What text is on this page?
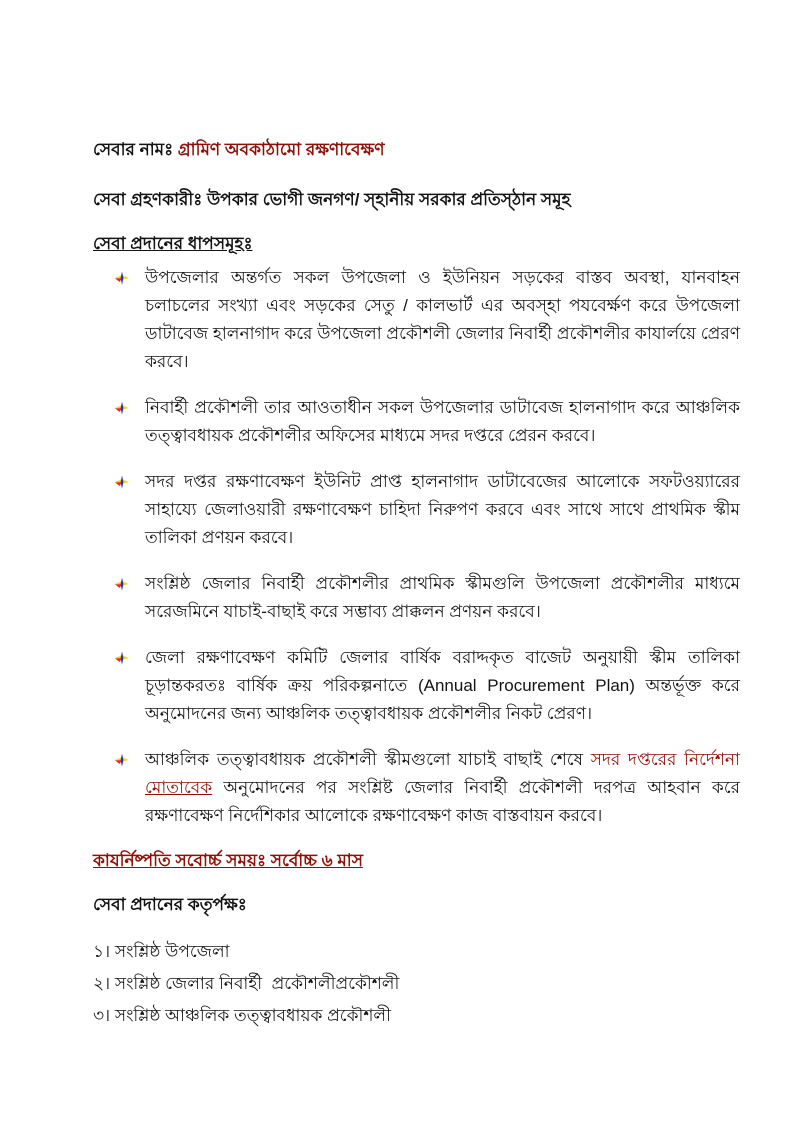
সেবার নামঃ গ্রামিণ অবকাঠামো রক্ষণাবেক্ষণ

সেবা গ্রহণকারীঃ উপকার ভোগী জনগণ/ স্হানীয় সরকার প্রতিস্ঠান সমূহ

সেবা প্রদানের ধাপসমূহঃ

উপজেলার অন্তর্গত সকল উপজেলা ও ইউনিয়ন সড়কের বাস্তব অবস্থা, যানবাহন চলাচলের সংখ্যা এবং সড়কের সেতু / কালভার্ট এর অবস্হা পযবের্ক্ষণ করে উপজেলা ডাটাবেজ হালনাগাদ করে উপজেলা প্রকৌশলী জেলার নিবার্হী প্রকৌশলীর কাযার্লয়ে প্রেরণ করবে।
নিবার্হী প্রকৌশলী তার আওতাধীন সকল উপজেলার ডাটাবেজ হালনাগাদ করে আঞ্চলিক তত্ত্বাবধায়ক প্রকৌশলীর অফিসের মাধ্যমে সদর দপ্তরে প্রেরন করবে।
সদর দপ্তর রক্ষণাবেক্ষণ ইউনিট প্রাপ্ত হালনাগাদ ডাটাবেজের আলোকে সফটওয়্যারের সাহায্যে জেলাওয়ারী রক্ষণাবেক্ষণ চাহিদা নিরুপণ করবে এবং সাথে সাথে প্রাথমিক স্কীম তালিকা প্রণয়ন করবে।
সংশ্লিষ্ঠ জেলার নিবার্হী প্রকৌশলীর প্রাথমিক স্কীমগুলি উপজেলা প্রকৌশলীর মাধ্যমে সরেজমিনে যাচাই-বাছাই করে সম্ভাব্য প্রাক্কলন প্রণয়ন করবে।
জেলা রক্ষণাবেক্ষণ কমিটি জেলার বার্ষিক বরাদ্দকৃত বাজেট অনুয়ায়ী স্কীম তালিকা চূড়ান্তকরতঃ বার্ষিক ক্রয় পরিকল্পনাতে (Annual Procurement Plan) অন্তর্ভূক্ত করে অনুমোদনের জন্য আঞ্চলিক তত্ত্বাবধায়ক প্রকৌশলীর নিকট প্রেরণ।
আঞ্চলিক তত্ত্বাবধায়ক প্রকৌশলী স্কীমগুলো যাচাই বাছাই শেষে সদর দপ্তরের নির্দেশনা মোতাবেক অনুমোদনের পর সংশ্লিষ্ট জেলার নিবার্হী প্রকৌশলী দরপত্র আহবান করে রক্ষণাবেক্ষণ নির্দেশিকার আলোকে রক্ষণাবেক্ষণ কাজ বাস্তবায়ন করবে।

কাযর্নিষ্পতি সবোর্চ্চ সময়ঃ সর্বোচ্চ ৬ মাস

সেবা প্রদানের কতৃর্পক্ষঃ

১। সংশ্লিষ্ঠ উপজেলা
২। সংশ্লিষ্ঠ জেলার নিবার্হী  প্রকৌশলীপ্রকৌশলী
৩। সংশ্লিষ্ঠ আঞ্চলিক তত্ত্বাবধায়ক প্রকৌশলী
